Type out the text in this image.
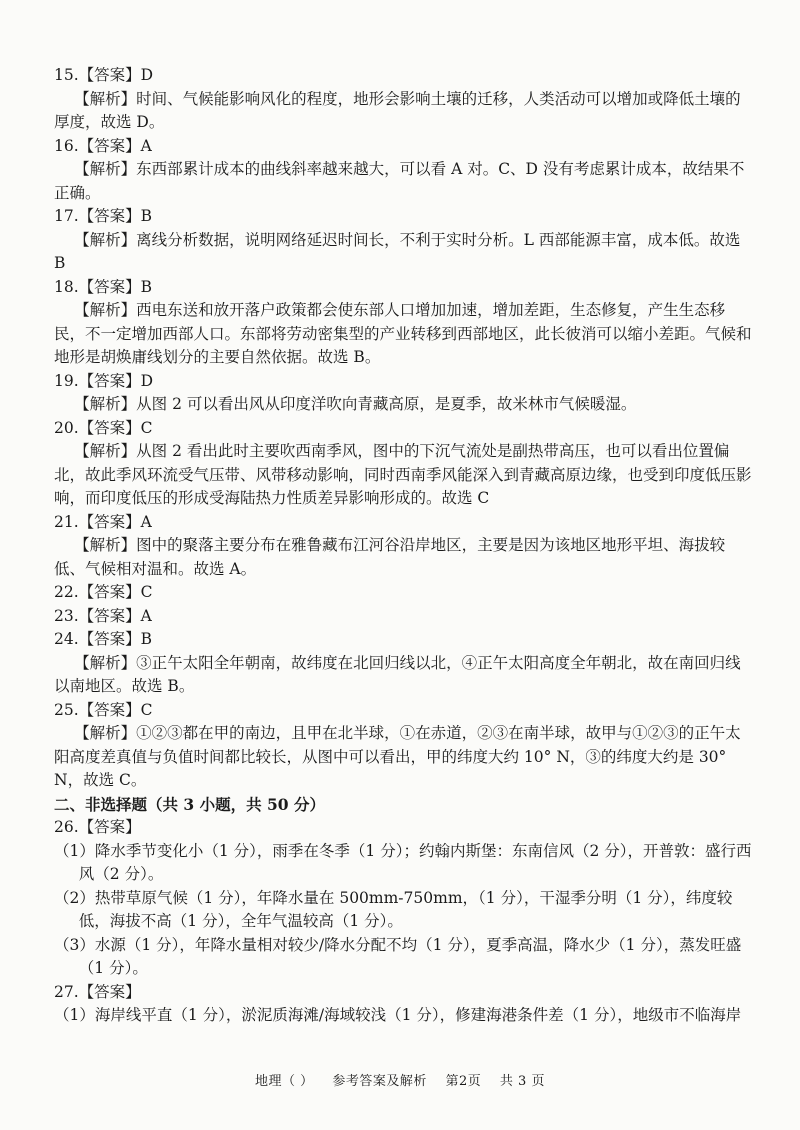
15.【答案】D

【解析】时间、气候能影响风化的程度，地形会影响土壤的迁移，人类活动可以增加或降低土壤的厚度，故选 D。

16.【答案】A

【解析】东西部累计成本的曲线斜率越来越大，可以看 A 对。C、D 没有考虑累计成本，故结果不正确。

17.【答案】B

【解析】离线分析数据，说明网络延迟时间长，不利于实时分析。L 西部能源丰富，成本低。故选 B

18.【答案】B

【解析】西电东送和放开落户政策都会使东部人口增加加速，增加差距，生态修复，产生生态移民，不一定增加西部人口。东部将劳动密集型的产业转移到西部地区，此长彼消可以缩小差距。气候和地形是胡焕庸线划分的主要自然依据。故选 B。

19.【答案】D

【解析】从图 2 可以看出风从印度洋吹向青藏高原，是夏季，故米林市气候暖湿。

20.【答案】C

【解析】从图 2 看出此时主要吹西南季风，图中的下沉气流处是副热带高压，也可以看出位置偏北，故此季风环流受气压带、风带移动影响，同时西南季风能深入到青藏高原边缘，也受到印度低压影响，而印度低压的形成受海陆热力性质差异影响形成的。故选 C

21.【答案】A

【解析】图中的聚落主要分布在雅鲁藏布江河谷沿岸地区，主要是因为该地区地形平坦、海拔较低、气候相对温和。故选 A。

22.【答案】C

23.【答案】A

24.【答案】B

【解析】③正午太阳全年朝南，故纬度在北回归线以北，④正午太阳高度全年朝北，故在南回归线以南地区。故选 B。

25.【答案】C

【解析】①②③都在甲的南边，且甲在北半球，①在赤道，②③在南半球，故甲与①②③的正午太阳高度差真值与负值时间都比较长，从图中可以看出，甲的纬度大约 10° N，③的纬度大约是 30° N，故选 C。

二、非选择题（共 3 小题，共 50 分）

26.【答案】

（1）降水季节变化小（1 分），雨季在冬季（1 分）；约翰内斯堡：东南信风（2 分），开普敦：盛行西风（2 分）。

（2）热带草原气候（1 分），年降水量在 500mm-750mm，（1 分），干湿季分明（1 分），纬度较低，海拔不高（1 分），全年气温较高（1 分）。

（3）水源（1 分），年降水量相对较少/降水分配不均（1 分），夏季高温，降水少（1 分），蒸发旺盛（1 分）。

27.【答案】

（1）海岸线平直（1 分），淤泥质海滩/海域较浅（1 分），修建海港条件差（1 分），地级市不临海岸

地理（ ） 参考答案及解析 第2页 共 3 页
